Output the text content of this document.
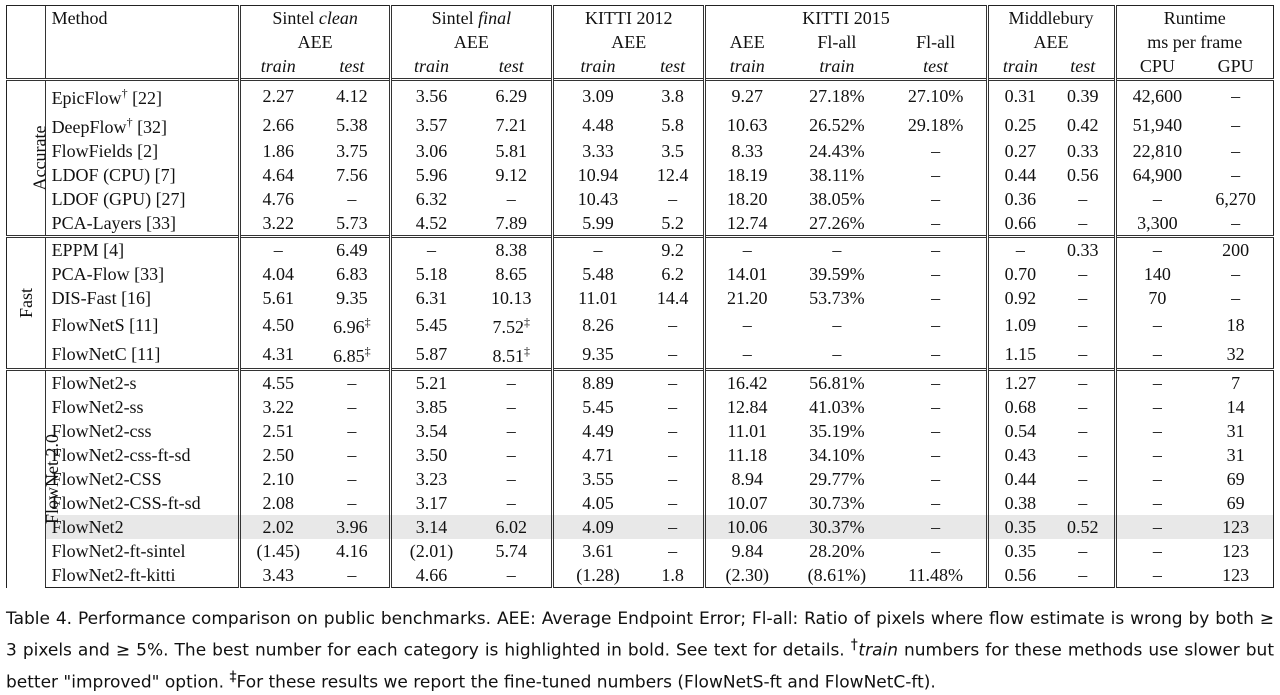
	Method	Sintel clean		Sintel final		KITTI 2012		KITTI 2015			Middlebury		Runtime	
		AEE		AEE		AEE		AEE	Fl-all	Fl-all	AEE		ms per frame	
		train	test	train	test	train	test	train	train	test	train	test	CPU	GPU
Accurate	EpicFlow† [22]	2.27	4.12	3.56	6.29	3.09	3.8	9.27	27.18%	27.10%	0.31	0.39	42,600	–
	DeepFlow† [32]	2.66	5.38	3.57	7.21	4.48	5.8	10.63	26.52%	29.18%	0.25	0.42	51,940	–
	FlowFields [2]	1.86	3.75	3.06	5.81	3.33	3.5	8.33	24.43%	–	0.27	0.33	22,810	–
	LDOF (CPU) [7]	4.64	7.56	5.96	9.12	10.94	12.4	18.19	38.11%	–	0.44	0.56	64,900	–
	LDOF (GPU) [27]	4.76	–	6.32	–	10.43	–	18.20	38.05%	–	0.36	–	–	6,270
	PCA-Layers [33]	3.22	5.73	4.52	7.89	5.99	5.2	12.74	27.26%	–	0.66	–	3,300	–
Fast	EPPM [4]	–	6.49	–	8.38	–	9.2	–	–	–	–	0.33	–	200
	PCA-Flow [33]	4.04	6.83	5.18	8.65	5.48	6.2	14.01	39.59%	–	0.70	–	140	–
	DIS-Fast [16]	5.61	9.35	6.31	10.13	11.01	14.4	21.20	53.73%	–	0.92	–	70	–
	FlowNetS [11]	4.50	6.96‡	5.45	7.52‡	8.26	–	–	–	–	1.09	–	–	18
	FlowNetC [11]	4.31	6.85‡	5.87	8.51‡	9.35	–	–	–	–	1.15	–	–	32
FlowNet 2.0	FlowNet2-s	4.55	–	5.21	–	8.89	–	16.42	56.81%	–	1.27	–	–	7
	FlowNet2-ss	3.22	–	3.85	–	5.45	–	12.84	41.03%	–	0.68	–	–	14
	FlowNet2-css	2.51	–	3.54	–	4.49	–	11.01	35.19%	–	0.54	–	–	31
	FlowNet2-css-ft-sd	2.50	–	3.50	–	4.71	–	11.18	34.10%	–	0.43	–	–	31
	FlowNet2-CSS	2.10	–	3.23	–	3.55	–	8.94	29.77%	–	0.44	–	–	69
	FlowNet2-CSS-ft-sd	2.08	–	3.17	–	4.05	–	10.07	30.73%	–	0.38	–	–	69
	FlowNet2	2.02	3.96	3.14	6.02	4.09	–	10.06	30.37%	–	0.35	0.52	–	123
	FlowNet2-ft-sintel	(1.45)	4.16	(2.01)	5.74	3.61	–	9.84	28.20%	–	0.35	–	–	123
	FlowNet2-ft-kitti	3.43	–	4.66	–	(1.28)	1.8	(2.30)	(8.61%)	11.48%	0.56	–	–	123
Table 4. Performance comparison on public benchmarks. AEE: Average Endpoint Error; Fl-all: Ratio of pixels where flow estimate is wrong by both ≥ 3 pixels and ≥ 5%. The best number for each category is highlighted in bold. See text for details. †train numbers for these methods use slower but better "improved" option. ‡For these results we report the fine-tuned numbers (FlowNetS-ft and FlowNetC-ft).
